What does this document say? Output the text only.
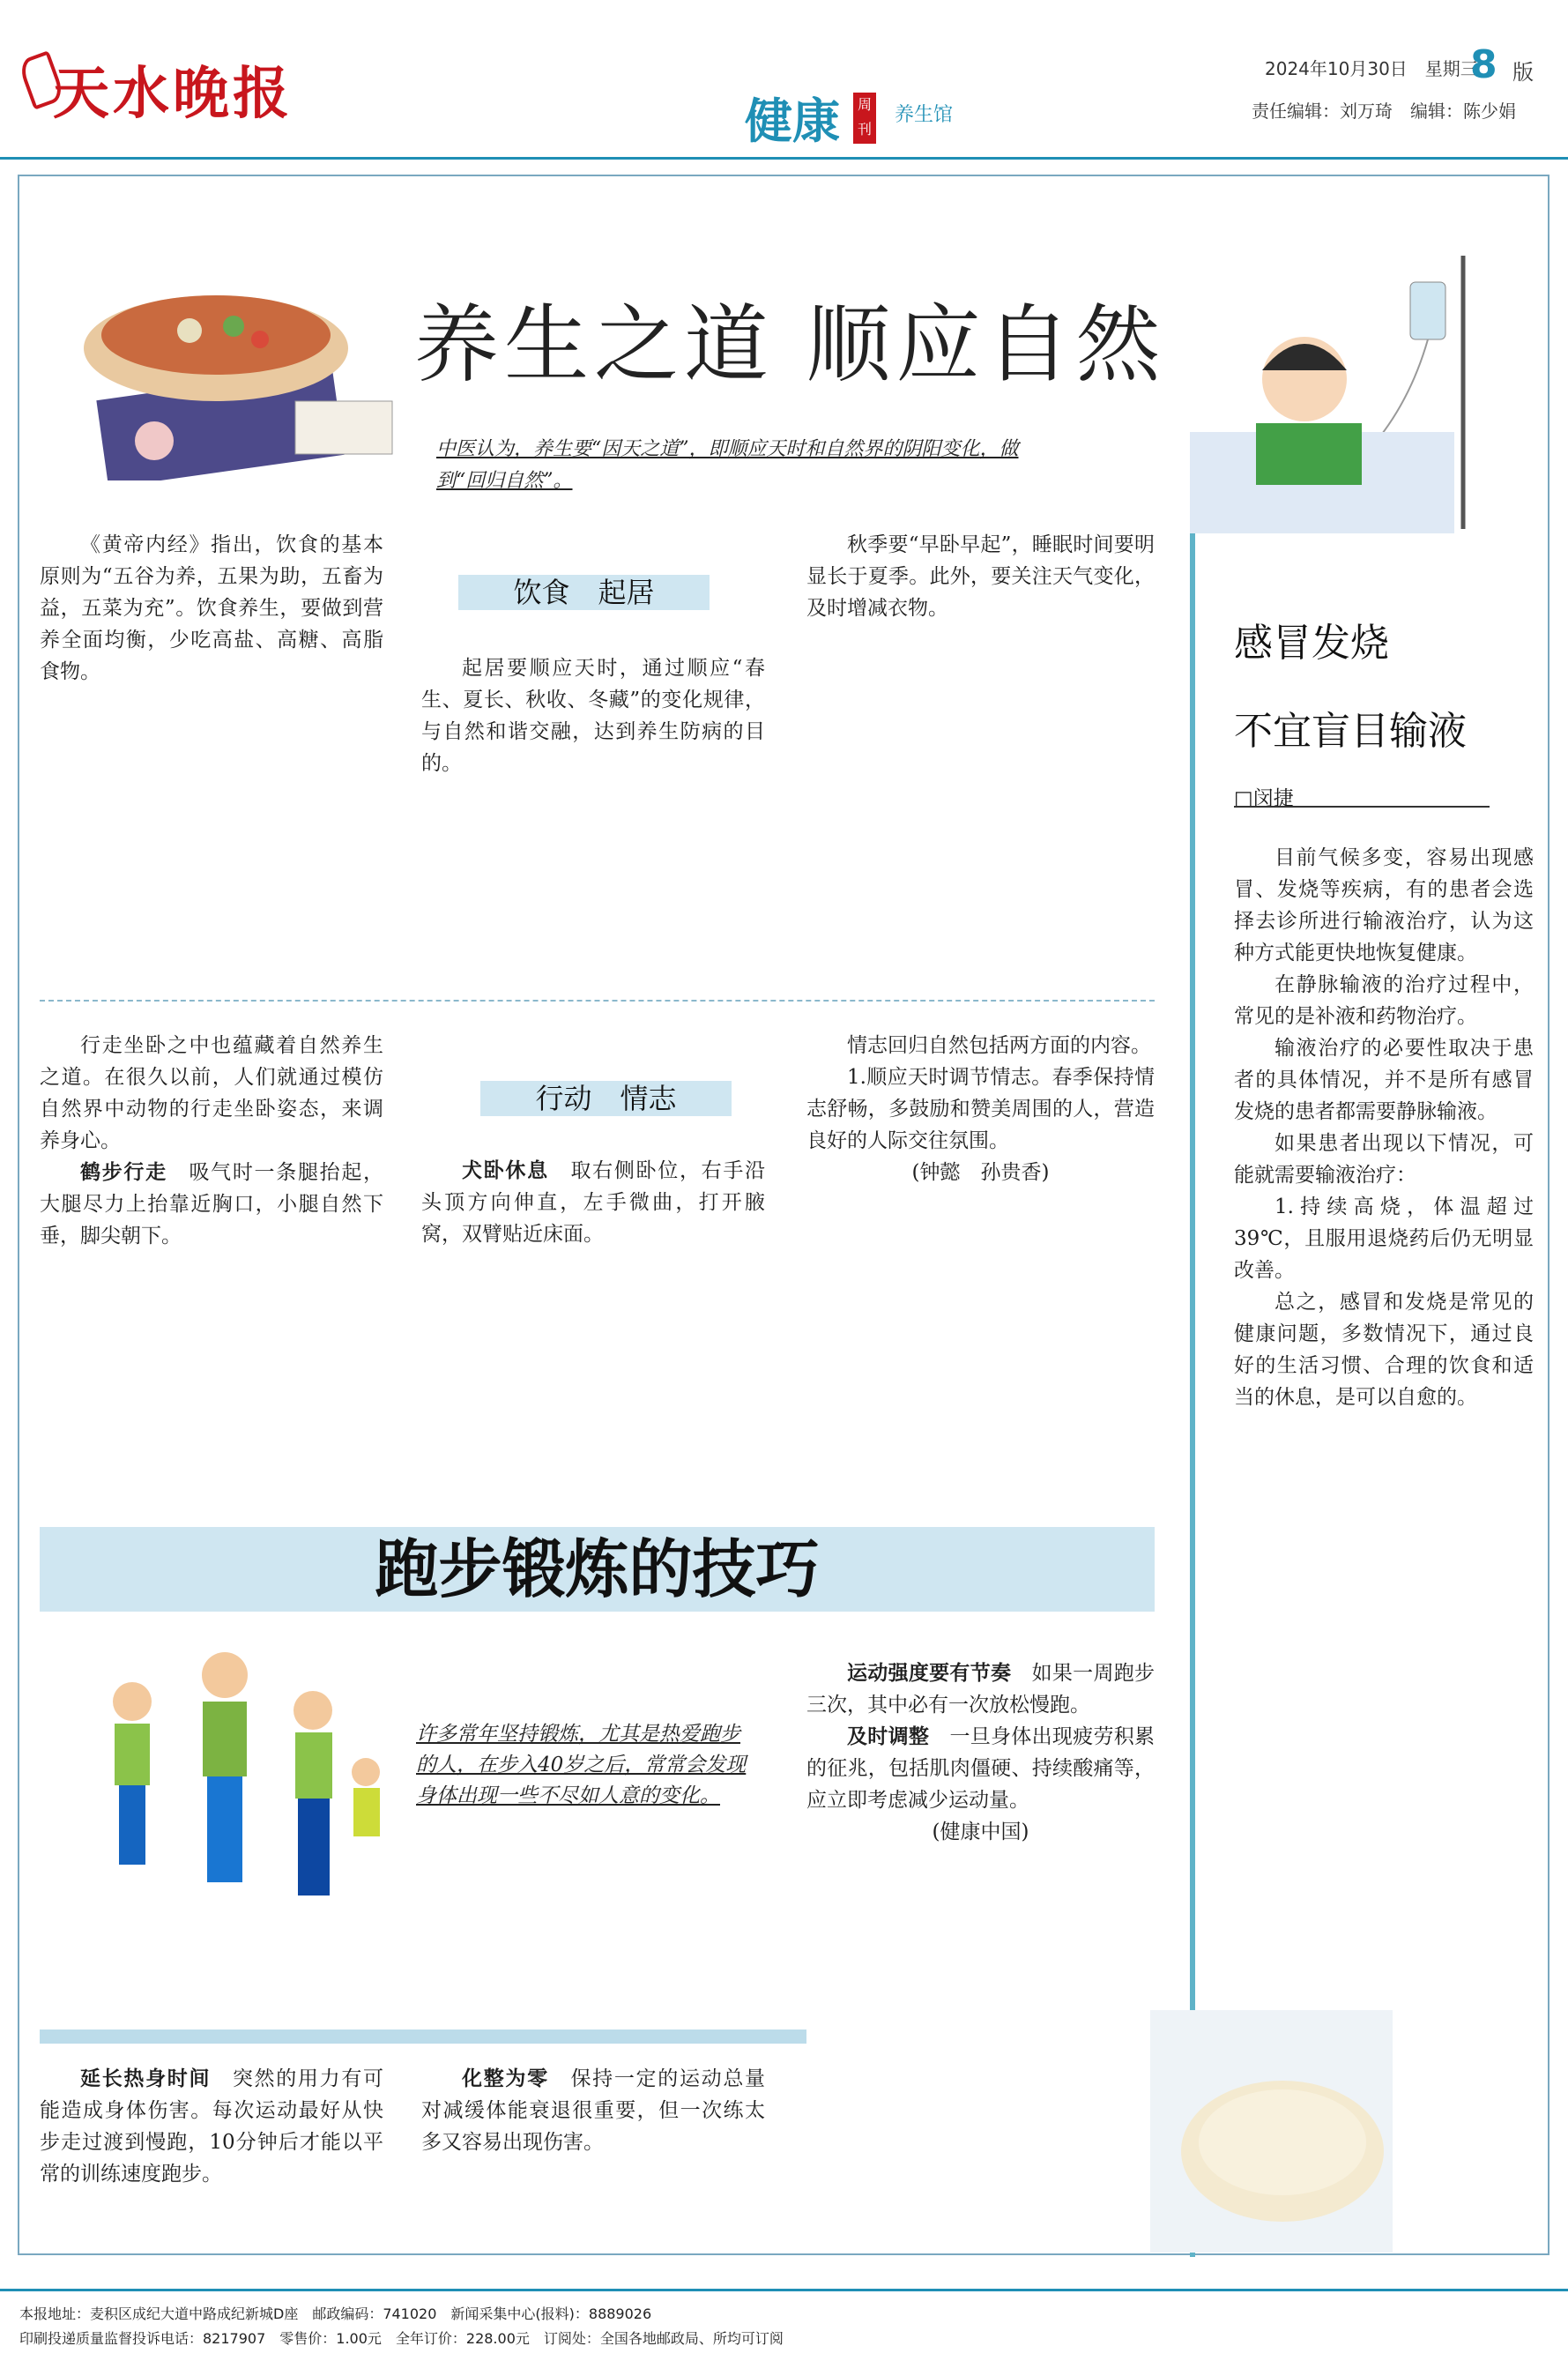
天水晚报	健康	周刊
养生馆
2024年10月30日　 星期三
8 版
责任编辑：刘万琦　编辑：陈少娟
养生之道 顺应自然
中医认为，养生要“因天之道”，即顺应天时和自然界的阴阳变化，做到“回归自然”。

《黄帝内经》指出，饮食的基本原则为“五谷为养，五果为助，五畜为益，五菜为充”。饮食养生，要做到营养全面均衡，少吃高盐、高糖、高脂食物。

饮食　起居

起居要顺应天时，通过顺应“春生、夏长、秋收、冬藏”的变化规律，与自然和谐交融，达到养生防病的目的。

秋季要“早卧早起”，睡眠时间要明显长于夏季。此外，要关注天气变化，及时增减衣物。

行走坐卧之中也蕴藏着自然养生之道。在很久以前，人们就通过模仿自然界中动物的行走坐卧姿态，来调养身心。

鹤步行走　 吸气时一条腿抬起，大腿尽力上抬靠近胸口，小腿自然下垂，脚尖朝下。

行动　情志

犬卧休息　 取右侧卧位，右手沿头顶方向伸直，左手微曲，打开腋窝，双臂贴近床面。

情志回归自然包括两方面的内容。

1.顺应天时调节情志。春季保持情志舒畅，多鼓励和赞美周围的人，营造良好的人际交往氛围。

(钟懿　孙贵香)

跑步锻炼的技巧
许多常年坚持锻炼，尤其是热爱跑步的人，在步入40岁之后，常常会发现身体出现一些不尽如人意的变化。

延长热身时间　 突然的用力有可能造成身体伤害。每次运动最好从快步走过渡到慢跑，10分钟后才能以平常的训练速度跑步。

化整为零　 保持一定的运动总量对减缓体能衰退很重要，但一次练太多又容易出现伤害。

运动强度要有节奏　 如果一周跑步三次，其中必有一次放松慢跑。

及时调整　 一旦身体出现疲劳积累的征兆，包括肌肉僵硬、持续酸痛等，应立即考虑减少运动量。

(健康中国)

感冒发烧
不宜盲目输液
□闵捷

目前气候多变，容易出现感冒、发烧等疾病，有的患者会选择去诊所进行输液治疗，认为这种方式能更快地恢复健康。

在静脉输液的治疗过程中，常见的是补液和药物治疗。

输液治疗的必要性取决于患者的具体情况，并不是所有感冒发烧的患者都需要静脉输液。

如果患者出现以下情况，可能就需要输液治疗：

1.持续高烧，体温超过39℃，且服用退烧药后仍无明显改善。

总之，感冒和发烧是常见的健康问题，多数情况下，通过良好的生活习惯、合理的饮食和适当的休息，是可以自愈的。

本报地址：麦积区成纪大道中路成纪新城D座　邮政编码：741020　新闻采集中心(报料)：8889026
印刷投递质量监督投诉电话：8217907　零售价：1.00元　全年订价：228.00元　订阅处：全国各地邮政局、所均可订阅
